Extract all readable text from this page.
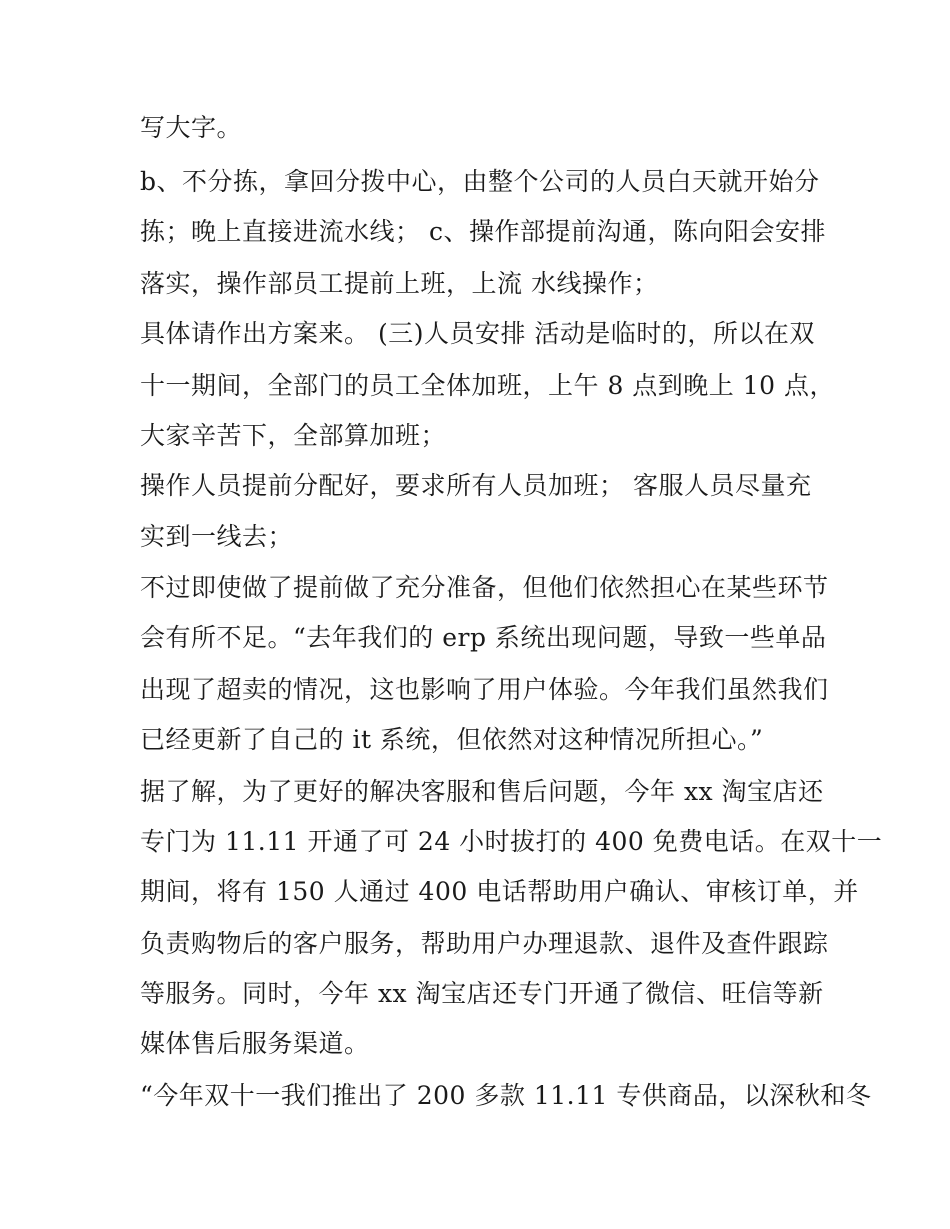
写大字。
b、不分拣，拿回分拨中心，由整个公司的人员白天就开始分
拣；晚上直接进流水线； c、操作部提前沟通，陈向阳会安排
落实，操作部员工提前上班，上流 水线操作；
具体请作出方案来。 (三)人员安排 活动是临时的，所以在双
十一期间，全部门的员工全体加班，上午 8 点到晚上 10 点，
大家辛苦下，全部算加班；
操作人员提前分配好，要求所有人员加班； 客服人员尽量充
实到一线去；
不过即使做了提前做了充分准备，但他们依然担心在某些环节
会有所不足。“去年我们的 erp 系统出现问题，导致一些单品
出现了超卖的情况，这也影响了用户体验。今年我们虽然我们
已经更新了自己的 it 系统，但依然对这种情况所担心。”
据了解，为了更好的解决客服和售后问题，今年 xx 淘宝店还
专门为 11.11 开通了可 24 小时拔打的 400 免费电话。在双十一
期间，将有 150 人通过 400 电话帮助用户确认、审核订单，并
负责购物后的客户服务，帮助用户办理退款、退件及查件跟踪
等服务。同时，今年 xx 淘宝店还专门开通了微信、旺信等新
媒体售后服务渠道。
“今年双十一我们推出了 200 多款 11.11 专供商品，以深秋和冬
